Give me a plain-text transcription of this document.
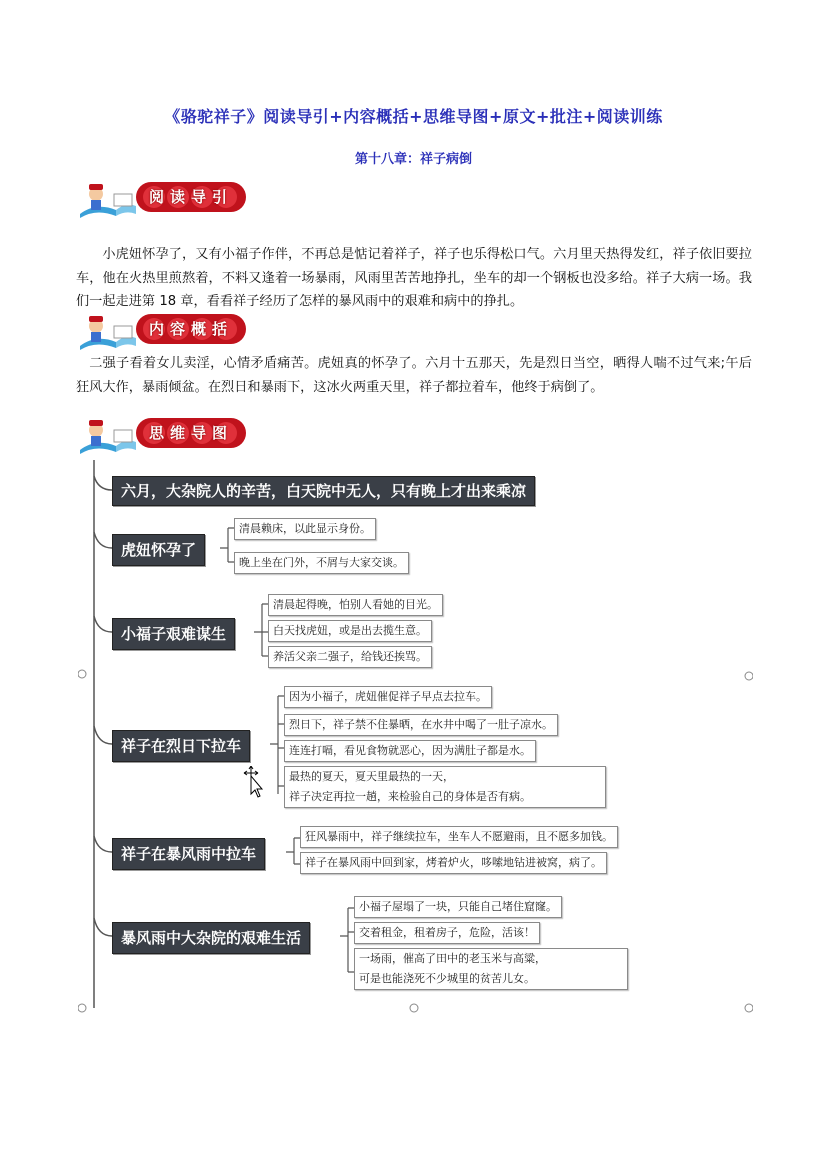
《骆驼祥子》阅读导引+内容概括+思维导图+原文+批注+阅读训练
第十八章：祥子病倒
阅读导引

小虎妞怀孕了，又有小福子作伴，不再总是惦记着祥子，祥子也乐得松口气。六月里天热得发红，祥子依旧要拉车，他在火热里煎熬着，不料又逢着一场暴雨，风雨里苦苦地挣扎，坐车的却一个钢板也没多给。祥子大病一场。我们一起走进第 18 章，看看祥子经历了怎样的暴风雨中的艰难和病中的挣扎。

内容概括

二强子看着女儿卖淫，心情矛盾痛苦。虎妞真的怀孕了。六月十五那天，先是烈日当空，晒得人喘不过气来;午后狂风大作，暴雨倾盆。在烈日和暴雨下，这冰火两重天里，祥子都拉着车，他终于病倒了。

思维导图
六月，大杂院人的辛苦，白天院中无人，只有晚上才出来乘凉
虎妞怀孕了
清晨赖床，以此显示身份。
晚上坐在门外，不屑与大家交谈。
小福子艰难谋生
清晨起得晚，怕别人看她的目光。
白天找虎妞，或是出去揽生意。
养活父亲二强子，给钱还挨骂。
祥子在烈日下拉车
因为小福子，虎妞催促祥子早点去拉车。
烈日下，祥子禁不住暴晒，在水井中喝了一肚子凉水。
连连打嗝，看见食物就恶心，因为满肚子都是水。
最热的夏天，夏天里最热的一天，
祥子决定再拉一趟，来检验自己的身体是否有病。
祥子在暴风雨中拉车
狂风暴雨中，祥子继续拉车，坐车人不愿避雨，且不愿多加钱。
祥子在暴风雨中回到家，烤着炉火，哆嗦地钻进被窝，病了。
暴风雨中大杂院的艰难生活
小福子屋塌了一块，只能自己堵住窟窿。
交着租金，租着房子，危险，活该！
一场雨，催高了田中的老玉米与高粱，
可是也能浇死不少城里的贫苦儿女。
